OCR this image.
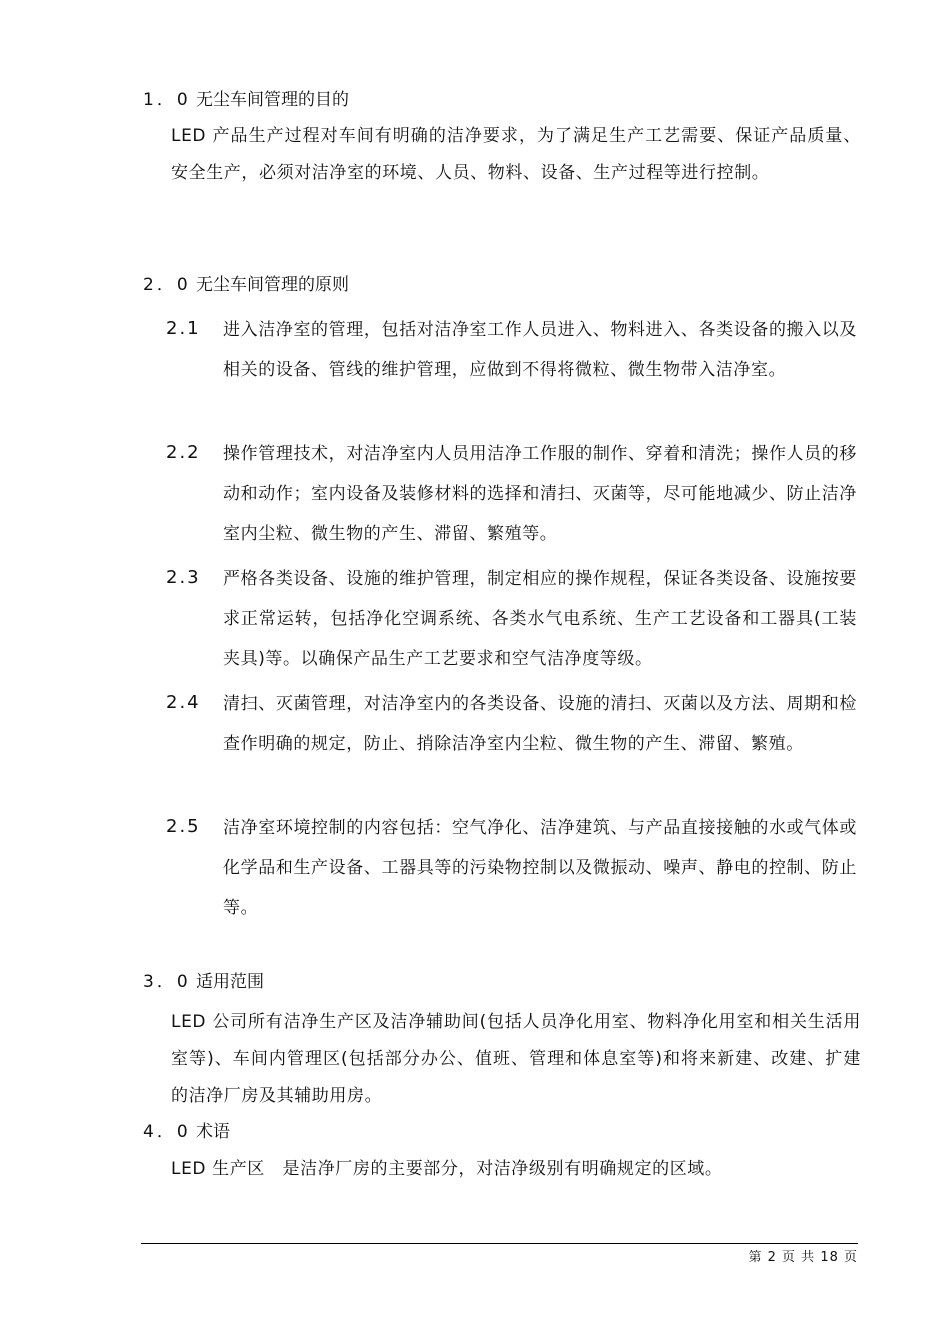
1．0 无尘车间管理的目的
LED 产品生产过程对车间有明确的洁净要求，为了满足生产工艺需要、保证产品质量、安全生产，必须对洁净室的环境、人员、物料、设备、生产过程等进行控制。
2．0 无尘车间管理的原则
2.1 进入洁净室的管理，包括对洁净室工作人员进入、物料进入、各类设备的搬入以及相关的设备、管线的维护管理，应做到不得将微粒、微生物带入洁净室。
2.2 操作管理技术，对洁净室内人员用洁净工作服的制作、穿着和清洗；操作人员的移动和动作；室内设备及装修材料的选择和清扫、灭菌等，尽可能地减少、防止洁净室内尘粒、微生物的产生、滞留、繁殖等。
2.3 严格各类设备、设施的维护管理，制定相应的操作规程，保证各类设备、设施按要求正常运转，包括净化空调系统、各类水气电系统、生产工艺设备和工器具(工装夹具)等。以确保产品生产工艺要求和空气洁净度等级。
2.4 清扫、灭菌管理，对洁净室内的各类设备、设施的清扫、灭菌以及方法、周期和检查作明确的规定，防止、捎除洁净室内尘粒、微生物的产生、滞留、繁殖。
2.5 洁净室环境控制的内容包括：空气净化、洁净建筑、与产品直接接触的水或气体或化学品和生产设备、工器具等的污染物控制以及微振动、噪声、静电的控制、防止等。
3．0 适用范围
LED 公司所有洁净生产区及洁净辅助间(包括人员净化用室、物料净化用室和相关生活用室等)、车间内管理区(包括部分办公、值班、管理和体息室等)和将来新建、改建、扩建的洁净厂房及其辅助用房。
4．0 术语
LED 生产区　是洁净厂房的主要部分，对洁净级别有明确规定的区域。
第 2 页 共 18 页
